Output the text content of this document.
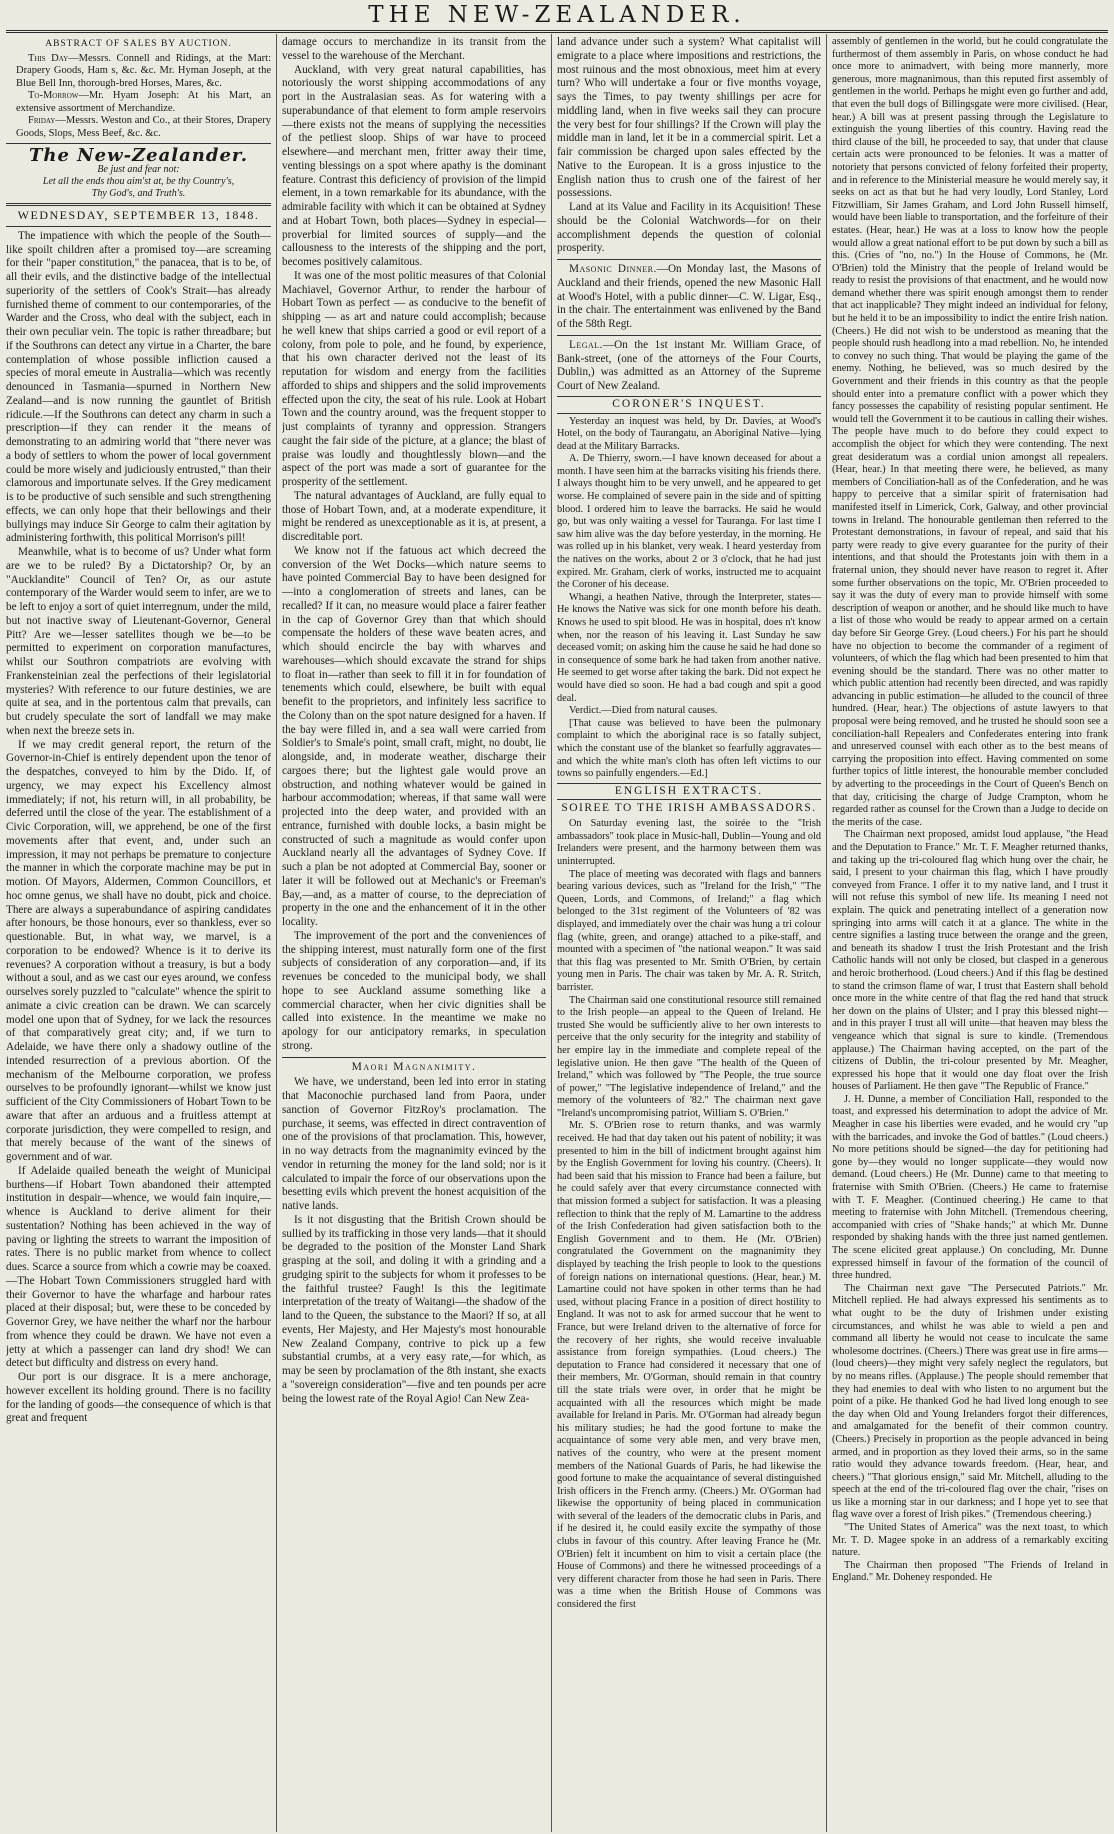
THE NEW-ZEALANDER.
ABSTRACT OF SALES BY AUCTION.

This Day—Messrs. Connell and Ridings, at the Mart: Drapery Goods, Ham s, &c. &c. Mr. Hyman Joseph, at the Blue Bell Inn, thorough-bred Horses, Mares, &c.

To-Morrow—Mr. Hyam Joseph: At his Mart, an extensive assortment of Merchandize.

Friday—Messrs. Weston and Co., at their Stores, Drapery Goods, Slops, Mess Beef, &c. &c.

The New-Zealander.
Be just and fear not:
Let all the ends thou aim'st at, be thy Country's,
Thy God's, and Truth's.
WEDNESDAY, SEPTEMBER 13, 1848.

The impatience with which the people of the South—like spoilt children after a promised toy—are screaming for their "paper constitution," the panacea, that is to be, of all their evils, and the distinctive badge of the intellectual superiority of the settlers of Cook's Strait—has already furnished theme of comment to our contemporaries, of the Warder and the Cross, who deal with the subject, each in their own peculiar vein. The topic is rather threadbare; but if the Southrons can detect any virtue in a Charter, the bare contemplation of whose possible infliction caused a species of moral emeute in Australia—which was recently denounced in Tasmania—spurned in Northern New Zealand—and is now running the gauntlet of British ridicule.—If the Southrons can detect any charm in such a prescription—if they can render it the means of demonstrating to an admiring world that "there never was a body of settlers to whom the power of local government could be more wisely and judiciously entrusted," than their clamorous and importunate selves. If the Grey medicament is to be productive of such sensible and such strengthening effects, we can only hope that their bellowings and their bullyings may induce Sir George to calm their agitation by administering forthwith, this political Morrison's pill!

Meanwhile, what is to become of us? Under what form are we to be ruled? By a Dictatorship? Or, by an "Aucklandite" Council of Ten? Or, as our astute contemporary of the Warder would seem to infer, are we to be left to enjoy a sort of quiet interregnum, under the mild, but not inactive sway of Lieutenant-Governor, General Pitt? Are we—lesser satellites though we be—to be permitted to experiment on corporation manufactures, whilst our Southron compatriots are evolving with Frankensteinian zeal the perfections of their legislatorial mysteries? With reference to our future destinies, we are quite at sea, and in the portentous calm that prevails, can but crudely speculate the sort of landfall we may make when next the breeze sets in.

If we may credit general report, the return of the Governor-in-Chief is entirely dependent upon the tenor of the despatches, conveyed to him by the Dido. If, of urgency, we may expect his Excellency almost immediately; if not, his return will, in all probability, be deferred until the close of the year. The establishment of a Civic Corporation, will, we apprehend, be one of the first movements after that event, and, under such an impression, it may not perhaps be premature to conjecture the manner in which the corporate machine may be put in motion. Of Mayors, Aldermen, Common Councillors, et hoc omne genus, we shall have no doubt, pick and choice. There are always a superabundance of aspiring candidates after honours, be those honours, ever so thankless, ever so questionable. But, in what way, we marvel, is a corporation to be endowed? Whence is it to derive its revenues? A corporation without a treasury, is but a body without a soul, and as we cast our eyes around, we confess ourselves sorely puzzled to "calculate" whence the spirit to animate a civic creation can be drawn. We can scarcely model one upon that of Sydney, for we lack the resources of that comparatively great city; and, if we turn to Adelaide, we have there only a shadowy outline of the intended resurrection of a previous abortion. Of the mechanism of the Melbourne corporation, we profess ourselves to be profoundly ignorant—whilst we know just sufficient of the City Commissioners of Hobart Town to be aware that after an arduous and a fruitless attempt at corporate jurisdiction, they were compelled to resign, and that merely because of the want of the sinews of government and of war.

If Adelaide quailed beneath the weight of Municipal burthens—if Hobart Town abandoned their attempted institution in despair—whence, we would fain inquire,—whence is Auckland to derive aliment for their sustentation? Nothing has been achieved in the way of paving or lighting the streets to warrant the imposition of rates. There is no public market from whence to collect dues. Scarce a source from which a cowrie may be coaxed.—The Hobart Town Commissioners struggled hard with their Governor to have the wharfage and harbour rates placed at their disposal; but, were these to be conceded by Governor Grey, we have neither the wharf nor the harbour from whence they could be drawn. We have not even a jetty at which a passenger can land dry shod! We can detect but difficulty and distress on every hand.

Our port is our disgrace. It is a mere anchorage, however excellent its holding ground. There is no facility for the landing of goods—the consequence of which is that great and frequent

damage occurs to merchandize in its transit from the vessel to the warehouse of the Merchant.

Auckland, with very great natural capabilities, has notoriously the worst shipping accommodations of any port in the Australasian seas. As for watering with a superabundance of that element to form ample reservoirs—there exists not the means of supplying the necessities of the petliest sloop. Ships of war have to proceed elsewhere—and merchant men, fritter away their time, venting blessings on a spot where apathy is the dominant feature. Contrast this deficiency of provision of the limpid element, in a town remarkable for its abundance, with the admirable facility with which it can be obtained at Sydney and at Hobart Town, both places—Sydney in especial—proverbial for limited sources of supply—and the callousness to the interests of the shipping and the port, becomes positively calamitous.

It was one of the most politic measures of that Colonial Machiavel, Governor Arthur, to render the harbour of Hobart Town as perfect — as conducive to the benefit of shipping — as art and nature could accomplish; because he well knew that ships carried a good or evil report of a colony, from pole to pole, and he found, by experience, that his own character derived not the least of its reputation for wisdom and energy from the facilities afforded to ships and shippers and the solid improvements effected upon the city, the seat of his rule. Look at Hobart Town and the country around, was the frequent stopper to just complaints of tyranny and oppression. Strangers caught the fair side of the picture, at a glance; the blast of praise was loudly and thoughtlessly blown—and the aspect of the port was made a sort of guarantee for the prosperity of the settlement.

The natural advantages of Auckland, are fully equal to those of Hobart Town, and, at a moderate expenditure, it might be rendered as unexceptionable as it is, at present, a discreditable port.

We know not if the fatuous act which decreed the conversion of the Wet Docks—which nature seems to have pointed Commercial Bay to have been designed for—into a conglomeration of streets and lanes, can be recalled? If it can, no measure would place a fairer feather in the cap of Governor Grey than that which should compensate the holders of these wave beaten acres, and which should encircle the bay with wharves and warehouses—which should excavate the strand for ships to float in—rather than seek to fill it in for foundation of tenements which could, elsewhere, be built with equal benefit to the proprietors, and infinitely less sacrifice to the Colony than on the spot nature designed for a haven. If the bay were filled in, and a sea wall were carried from Soldier's to Smale's point, small craft, might, no doubt, lie alongside, and, in moderate weather, discharge their cargoes there; but the lightest gale would prove an obstruction, and nothing whatever would be gained in harbour accommodation; whereas, if that same wall were projected into the deep water, and provided with an entrance, furnished with double locks, a basin might be constructed of such a magnitude as would confer upon Auckland nearly all the advantages of Sydney Cove. If such a plan be not adopted at Commercial Bay, sooner or later it will be followed out at Mechanic's or Freeman's Bay,—and, as a matter of course, to the depreciation of property in the one and the enhancement of it in the other locality.

The improvement of the port and the conveniences of the shipping interest, must naturally form one of the first subjects of consideration of any corporation—and, if its revenues be conceded to the municipal body, we shall hope to see Auckland assume something like a commercial character, when her civic dignities shall be called into existence. In the meantime we make no apology for our anticipatory remarks, in speculation strong.

Maori Magnanimity.

We have, we understand, been led into error in stating that Maconochie purchased land from Paora, under sanction of Governor FitzRoy's proclamation. The purchase, it seems, was effected in direct contravention of one of the provisions of that proclamation. This, however, in no way detracts from the magnanimity evinced by the vendor in returning the money for the land sold; nor is it calculated to impair the force of our observations upon the besetting evils which prevent the honest acquisition of the native lands.

Is it not disgusting that the British Crown should be sullied by its trafficking in those very lands—that it should be degraded to the position of the Monster Land Shark grasping at the soil, and doling it with a grinding and a grudging spirit to the subjects for whom it professes to be the faithful trustee? Faugh! Is this the legitimate interpretation of the treaty of Waitangi—the shadow of the land to the Queen, the substance to the Maori? If so, at all events, Her Majesty, and Her Majesty's most honourable New Zealand Company, contrive to pick up a few substantial crumbs, at a very easy rate,—for which, as may be seen by proclamation of the 8th instant, she exacts a "sovereign consideration"—five and ten pounds per acre being the lowest rate of the Royal Agio! Can New Zea-

land advance under such a system? What capitalist will emigrate to a place where impositions and restrictions, the most ruinous and the most obnoxious, meet him at every turn? Who will undertake a four or five months voyage, says the Times, to pay twenty shillings per acre for middling land, when in five weeks sail they can procure the very best for four shillings? If the Crown will play the middle man in land, let it be in a commercial spirit. Let a fair commission be charged upon sales effected by the Native to the European. It is a gross injustice to the English nation thus to crush one of the fairest of her possessions.

Land at its Value and Facility in its Acquisition! These should be the Colonial Watchwords—for on their accomplishment depends the question of colonial prosperity.

Masonic Dinner.—On Monday last, the Masons of Auckland and their friends, opened the new Masonic Hall at Wood's Hotel, with a public dinner—C. W. Ligar, Esq., in the chair. The entertainment was enlivened by the Band of the 58th Regt.

Legal.—On the 1st instant Mr. William Grace, of Bank-street, (one of the attorneys of the Four Courts, Dublin,) was admitted as an Attorney of the Supreme Court of New Zealand.

CORONER'S INQUEST.

Yesterday an inquest was held, by Dr. Davies, at Wood's Hotel, on the body of Taurangatu, an Aboriginal Native—lying dead at the Military Barracks.

A. De Thierry, sworn.—I have known deceased for about a month. I have seen him at the barracks visiting his friends there. I always thought him to be very unwell, and he appeared to get worse. He complained of severe pain in the side and of spitting blood. I ordered him to leave the barracks. He said he would go, but was only waiting a vessel for Tauranga. For last time I saw him alive was the day before yesterday, in the morning. He was rolled up in his blanket, very weak. I heard yesterday from the natives on the works, about 2 or 3 o'clock, that he had just expired. Mr. Graham, clerk of works, instructed me to acquaint the Coroner of his decease.

Whangi, a heathen Native, through the Interpreter, states—He knows the Native was sick for one month before his death. Knows he used to spit blood. He was in hospital, does n't know when, nor the reason of his leaving it. Last Sunday he saw deceased vomit; on asking him the cause he said he had done so in consequence of some bark he had taken from another native. He seemed to get worse after taking the bark. Did not expect he would have died so soon. He had a bad cough and spit a good deal.

Verdict.—Died from natural causes.

[That cause was believed to have been the pulmonary complaint to which the aboriginal race is so fatally subject, which the constant use of the blanket so fearfully aggravates—and which the white man's cloth has often left victims to our towns so painfully engenders.—Ed.]

ENGLISH EXTRACTS.
SOIREE TO THE IRISH AMBASSADORS.

On Saturday evening last, the soirée to the "Irish ambassadors" took place in Music-hall, Dublin—Young and old Irelanders were present, and the harmony between them was uninterrupted.

The place of meeting was decorated with flags and banners bearing various devices, such as "Ireland for the Irish," "The Queen, Lords, and Commons, of Ireland;" a flag which belonged to the 31st regiment of the Volunteers of '82 was displayed, and immediately over the chair was hung a tri colour flag (white, green, and orange) attached to a pike-staff, and mounted with a specimen of "the national weapon." It was said that this flag was presented to Mr. Smith O'Brien, by certain young men in Paris. The chair was taken by Mr. A. R. Stritch, barrister.

The Chairman said one constitutional resource still remained to the Irish people—an appeal to the Queen of Ireland. He trusted She would be sufficiently alive to her own interests to perceive that the only security for the integrity and stability of her empire lay in the immediate and complete repeal of the legislative union. He then gave "The health of the Queen of Ireland," which was followed by "The People, the true source of power," "The legislative independence of Ireland," and the memory of the volunteers of '82." The chairman next gave "Ireland's uncompromising patriot, William S. O'Brien."

Mr. S. O'Brien rose to return thanks, and was warmly received. He had that day taken out his patent of nobility; it was presented to him in the bill of indictment brought against him by the English Government for loving his country. (Cheers). It had been said that his mission to France had been a failure, but he could safely aver that every circumstance connected with that mission formed a subject for satisfaction. It was a pleasing reflection to think that the reply of M. Lamartine to the address of the Irish Confederation had given satisfaction both to the English Government and to them. He (Mr. O'Brien) congratulated the Government on the magnanimity they displayed by teaching the Irish people to look to the questions of foreign nations on international questions. (Hear, hear.) M. Lamartine could not have spoken in other terms than he had used, without placing France in a position of direct hostility to England. It was not to ask for armed succour that he went to France, but were Ireland driven to the alternative of force for the recovery of her rights, she would receive invaluable assistance from foreign sympathies. (Loud cheers.) The deputation to France had considered it necessary that one of their members, Mr. O'Gorman, should remain in that country till the state trials were over, in order that he might be acquainted with all the resources which might be made available for Ireland in Paris. Mr. O'Gorman had already begun his military studies; he had the good fortune to make the acquaintance of some very able men, and very brave men, natives of the country, who were at the present moment members of the National Guards of Paris, he had likewise the good fortune to make the acquaintance of several distinguished Irish officers in the French army. (Cheers.) Mr. O'Gorman had likewise the opportunity of being placed in communication with several of the leaders of the democratic clubs in Paris, and if he desired it, he could easily excite the sympathy of those clubs in favour of this country. After leaving France he (Mr. O'Brien) felt it incumbent on him to visit a certain place (the House of Commons) and there he witnessed proceedings of a very different character from those he had seen in Paris. There was a time when the British House of Commons was considered the first

assembly of gentlemen in the world, but he could congratulate the furthermost of them assembly in Paris, on whose conduct he had once more to animadvert, with being more mannerly, more generous, more magnanimous, than this reputed first assembly of gentlemen in the world. Perhaps he might even go further and add, that even the bull dogs of Billingsgate were more civilised. (Hear, hear.) A bill was at present passing through the Legislature to extinguish the young liberties of this country. Having read the third clause of the bill, he proceeded to say, that under that clause certain acts were pronounced to be felonies. It was a matter of notoriety that persons convicted of felony forfeited their property, and in reference to the Ministerial measure he would merely say, it seeks on act as that but he had very loudly, Lord Stanley, Lord Fitzwilliam, Sir James Graham, and Lord John Russell himself, would have been liable to transportation, and the forfeiture of their estates. (Hear, hear.) He was at a loss to know how the people would allow a great national effort to be put down by such a bill as this. (Cries of "no, no.") In the House of Commons, he (Mr. O'Brien) told the Ministry that the people of Ireland would be ready to resist the provisions of that enactment, and he would now demand whether there was spirit enough amongst them to render that act inapplicable? They might indeed an individual for felony, but he held it to be an impossibility to indict the entire Irish nation. (Cheers.) He did not wish to be understood as meaning that the people should rush headlong into a mad rebellion. No, he intended to convey no such thing. That would be playing the game of the enemy. Nothing, he believed, was so much desired by the Government and their friends in this country as that the people should enter into a premature conflict with a power which they fancy possesses the capability of resisting popular sentiment. He would tell the Government it to be cautious in calling their wishes. The people have much to do before they could expect to accomplish the object for which they were contending. The next great desideratum was a cordial union amongst all repealers. (Hear, hear.) In that meeting there were, he believed, as many members of Conciliation-hall as of the Confederation, and he was happy to perceive that a similar spirit of fraternisation had manifested itself in Limerick, Cork, Galway, and other provincial towns in Ireland. The honourable gentleman then referred to the Protestant demonstrations, in favour of repeal, and said that his party were ready to give every guarantee for the purity of their intentions, and that should the Protestants join with them in a fraternal union, they should never have reason to regret it. After some further observations on the topic, Mr. O'Brien proceeded to say it was the duty of every man to provide himself with some description of weapon or another, and he should like much to have a list of those who would be ready to appear armed on a certain day before Sir George Grey. (Loud cheers.) For his part he should have no objection to become the commander of a regiment of volunteers, of which the flag which had been presented to him that evening should be the standard. There was no other matter to which public attention had recently been directed, and was rapidly advancing in public estimation—he alluded to the council of three hundred. (Hear, hear.) The objections of astute lawyers to that proposal were being removed, and he trusted he should soon see a conciliation-hall Repealers and Confederates entering into frank and unreserved counsel with each other as to the best means of carrying the proposition into effect. Having commented on some further topics of little interest, the honourable member concluded by adverting to the proceedings in the Court of Queen's Bench on that day, criticising the charge of Judge Crampton, whom he regarded rather as counsel for the Crown than a Judge to decide on the merits of the case.

The Chairman next proposed, amidst loud applause, "the Head and the Deputation to France." Mr. T. F. Meagher returned thanks, and taking up the tri-coloured flag which hung over the chair, he said, I present to your chairman this flag, which I have proudly conveyed from France. I offer it to my native land, and I trust it will not refuse this symbol of new life. Its meaning I need not explain. The quick and penetrating intellect of a generation now springing into arms will catch it at a glance. The white in the centre signifies a lasting truce between the orange and the green, and beneath its shadow I trust the Irish Protestant and the Irish Catholic hands will not only be closed, but clasped in a generous and heroic brotherhood. (Loud cheers.) And if this flag be destined to stand the crimson flame of war, I trust that Eastern shall behold once more in the white centre of that flag the red hand that struck her down on the plains of Ulster; and I pray this blessed night—and in this prayer I trust all will unite—that heaven may bless the vengeance which that signal is sure to kindle. (Tremendous applause.) The Chairman having accepted, on the part of the citizens of Dublin, the tri-colour presented by Mr. Meagher, expressed his hope that it would one day float over the Irish houses of Parliament. He then gave "The Republic of France."

J. H. Dunne, a member of Conciliation Hall, responded to the toast, and expressed his determination to adopt the advice of Mr. Meagher in case his liberties were evaded, and he would cry "up with the barricades, and invoke the God of battles." (Loud cheers.) No more petitions should be signed—the day for petitioning had gone by—they would no longer supplicate—they would now demand. (Loud cheers.) He (Mr. Dunne) came to that meeting to fraternise with Smith O'Brien. (Cheers.) He came to fraternise with T. F. Meagher. (Continued cheering.) He came to that meeting to fraternise with John Mitchell. (Tremendous cheering, accompanied with cries of "Shake hands;" at which Mr. Dunne responded by shaking hands with the three just named gentlemen. The scene elicited great applause.) On concluding, Mr. Dunne expressed himself in favour of the formation of the council of three hundred.

The Chairman next gave "The Persecuted Patriots." Mr. Mitchell replied. He had always expressed his sentiments as to what ought to be the duty of Irishmen under existing circumstances, and whilst he was able to wield a pen and command all liberty he would not cease to inculcate the same wholesome doctrines. (Cheers.) There was great use in fire arms—(loud cheers)—they might very safely neglect the regulators, but by no means rifles. (Applause.) The people should remember that they had enemies to deal with who listen to no argument but the point of a pike. He thanked God he had lived long enough to see the day when Old and Young Irelanders forgot their differences, and amalgamated for the benefit of their common country. (Cheers.) Precisely in proportion as the people advanced in being armed, and in proportion as they loved their arms, so in the same ratio would they advance towards freedom. (Hear, hear, and cheers.) "That glorious ensign," said Mr. Mitchell, alluding to the speech at the end of the tri-coloured flag over the chair, "rises on us like a morning star in our darkness; and I hope yet to see that flag wave over a forest of Irish pikes." (Tremendous cheering.)

"The United States of America" was the next toast, to which Mr. T. D. Magee spoke in an address of a remarkably exciting nature.

The Chairman then proposed "The Friends of Ireland in England." Mr. Doheney responded. He
